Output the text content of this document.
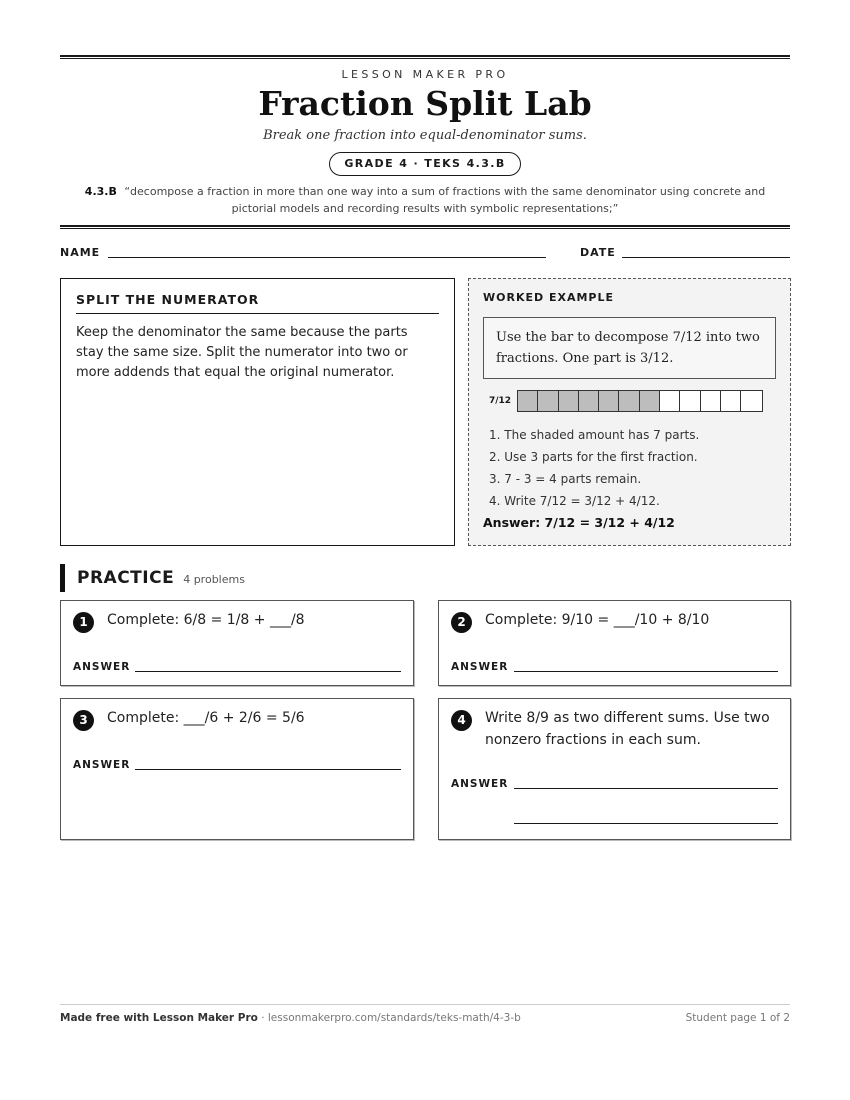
LESSON MAKER PRO
Fraction Split Lab
Break one fraction into equal-denominator sums.
GRADE 4 · TEKS 4.3.B
4.3.B “decompose a fraction in more than one way into a sum of fractions with the same denominator using concrete and pictorial models and recording results with symbolic representations;”
NAME	DATE
SPLIT THE NUMERATOR
Keep the denominator the same because the parts stay the same size. Split the numerator into two or more addends that equal the original numerator.
WORKED EXAMPLE
Use the bar to decompose 7/12 into two fractions. One part is 3/12.
7/12
1. The shaded amount has 7 parts.
2. Use 3 parts for the first fraction.
3. 7 - 3 = 4 parts remain.
4. Write 7/12 = 3/12 + 4/12.
Answer: 7/12 = 3/12 + 4/12
PRACTICE 4 problems
1	Complete: 6/8 = 1/8 + ___/8
ANSWER
2	Complete: 9/10 = ___/10 + 8/10
ANSWER
3	Complete: ___/6 + 2/6 = 5/6
ANSWER
4	Write 8/9 as two different sums. Use two nonzero fractions in each sum.
ANSWER
Made free with Lesson Maker Pro · lessonmakerpro.com/standards/teks-math/4-3-b	Student page 1 of 2
